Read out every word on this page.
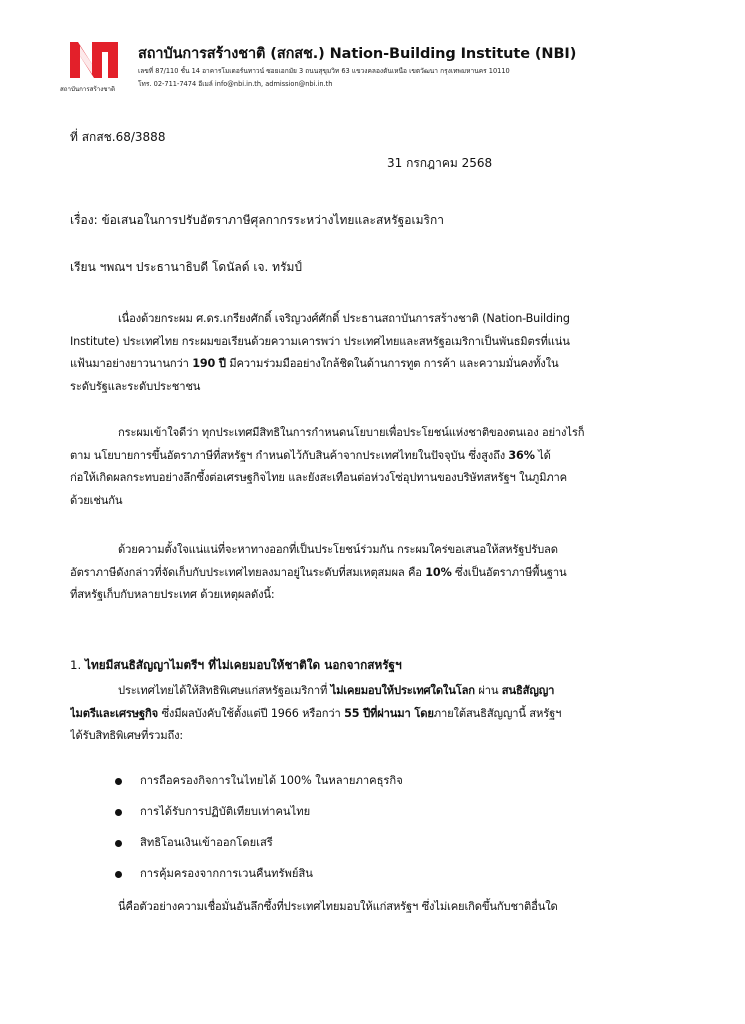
สถาบันการสร้างชาติ
สถาบันการสร้างชาติ (สกสช.) Nation-Building Institute (NBI)
เลขที่ 87/110 ชั้น 14 อาคารโมเดอร์นทาวน์ ซอยเอกมัย 3 ถนนสุขุมวิท 63 แขวงคลองตันเหนือ เขตวัฒนา กรุงเทพมหานคร 10110
โทร. 02-711-7474 อีเมล์ info@nbi.in.th, admission@nbi.in.th
ที่ สกสช.68/3888
31 กรกฎาคม 2568
เรื่อง: ข้อเสนอในการปรับอัตราภาษีศุลกากรระหว่างไทยและสหรัฐอเมริกา
เรียน ฯพณฯ ประธานาธิบดี โดนัลด์ เจ. ทรัมป์
เนื่องด้วยกระผม ศ.ดร.เกรียงศักดิ์ เจริญวงศ์ศักดิ์ ประธานสถาบันการสร้างชาติ (Nation-Building
Institute) ประเทศไทย กระผมขอเรียนด้วยความเคารพว่า ประเทศไทยและสหรัฐอเมริกาเป็นพันธมิตรที่แน่น
แฟ้นมาอย่างยาวนานกว่า 190 ปี มีความร่วมมืออย่างใกล้ชิดในด้านการทูต การค้า และความมั่นคงทั้งใน
ระดับรัฐและระดับประชาชน
กระผมเข้าใจดีว่า ทุกประเทศมีสิทธิในการกำหนดนโยบายเพื่อประโยชน์แห่งชาติของตนเอง อย่างไรก็
ตาม นโยบายการขึ้นอัตราภาษีที่สหรัฐฯ กำหนดไว้กับสินค้าจากประเทศไทยในปัจจุบัน ซึ่งสูงถึง 36% ได้
ก่อให้เกิดผลกระทบอย่างลึกซึ้งต่อเศรษฐกิจไทย และยังสะเทือนต่อห่วงโซ่อุปทานของบริษัทสหรัฐฯ ในภูมิภาค
ด้วยเช่นกัน
ด้วยความตั้งใจแน่แน่ที่จะหาทางออกที่เป็นประโยชน์ร่วมกัน กระผมใคร่ขอเสนอให้สหรัฐปรับลด
อัตราภาษีดังกล่าวที่จัดเก็บกับประเทศไทยลงมาอยู่ในระดับที่สมเหตุสมผล คือ 10% ซึ่งเป็นอัตราภาษีพื้นฐาน
ที่สหรัฐเก็บกับหลายประเทศ ด้วยเหตุผลดังนี้:
1. ไทยมีสนธิสัญญาไมตรีฯ ที่ไม่เคยมอบให้ชาติใด นอกจากสหรัฐฯ
ประเทศไทยได้ให้สิทธิพิเศษแก่สหรัฐอเมริกาที่ ไม่เคยมอบให้ประเทศใดในโลก ผ่าน สนธิสัญญา
ไมตรีและเศรษฐกิจ ซึ่งมีผลบังคับใช้ตั้งแต่ปี 1966 หรือกว่า 55 ปีที่ผ่านมา โดยภายใต้สนธิสัญญานี้ สหรัฐฯ
ได้รับสิทธิพิเศษที่รวมถึง:
การถือครองกิจการในไทยได้ 100% ในหลายภาคธุรกิจ
การได้รับการปฏิบัติเทียบเท่าคนไทย
สิทธิโอนเงินเข้าออกโดยเสรี
การคุ้มครองจากการเวนคืนทรัพย์สิน
นี่คือตัวอย่างความเชื่อมั่นอันลึกซึ้งที่ประเทศไทยมอบให้แก่สหรัฐฯ ซึ่งไม่เคยเกิดขึ้นกับชาติอื่นใด
